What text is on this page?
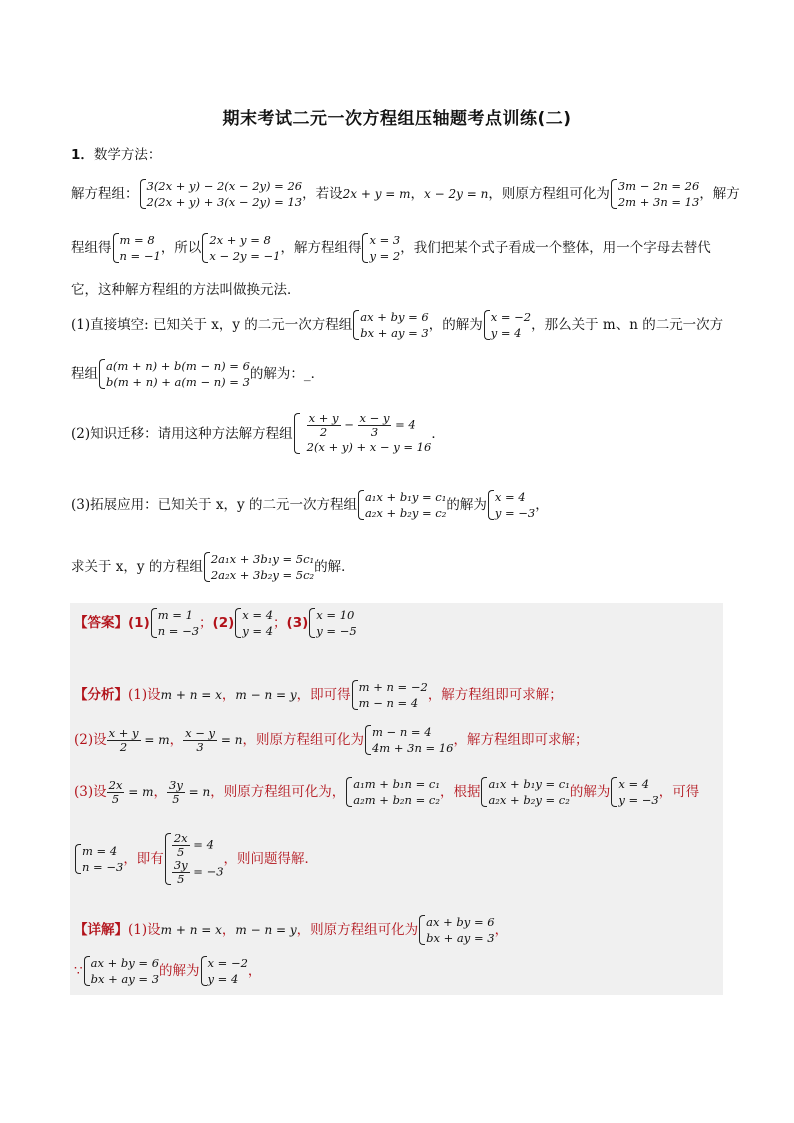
期末考试二元一次方程组压轴题考点训练(二)
1．数学方法：
解方程组： 3(2x + y) − 2(x − 2y) = 26
2(2x + y) + 3(x − 2y) = 13 ，若设 2x + y = m ， x − 2y = n ，则原方程组可化为 3m − 2n = 26
2m + 3n = 13 ，解方
程组得 m = 8
n = −1 ，所以 2x + y = 8
x − 2y = −1 ，解方程组得 x = 3
y = 2 ，我们把某个式子看成一个整体，用一个字母去替代
它，这种解方程组的方法叫做换元法．
(1)直接填空: 已知关于 x，y 的二元一次方程组 ax + by = 6
bx + ay = 3 ，的解为 x = −2
y = 4 ，那么关于 m、n 的二元一次方
程组 a(m + n) + b(m − n) = 6
b(m + n) + a(m − n) = 3 的解为：_．
(2)知识迁移：请用这种方法解方程组 $\frac{x + y}{2} - \frac{x - y}{3} = 4$
2(x + y) + x − y = 16
．
(3)拓展应用：已知关于 x，y 的二元一次方程组 a₁x + b₁y = c₁
a₂x + b₂y = c₂ 的解为 x = 4
y = −3 ，
求关于 x，y 的方程组 2a₁x + 3b₁y = 5c₁
2a₂x + 3b₂y = 5c₂ 的解．
【答案】 (1) m = 1
n = −3 ； (2) x = 4
y = 4 ； (3) x = 10
y = −5
【分析】 (1)设 m + n = x ， m − n = y ，即可得 m + n = −2
m − n = 4 ，解方程组即可求解；
(2)设 $\frac{x + y}{2} = m$ ， $\frac{x - y}{3} = n$ ，则原方程组可化为 m − n = 4
4m + 3n = 16 ，解方程组即可求解；
(3)设 $\frac{2x}{5} = m$ ， $\frac{3y}{5} = n$ ，则原方程组可化为， a₁m + b₁n = c₁
a₂m + b₂n = c₂ ，根据 a₁x + b₁y = c₁
a₂x + b₂y = c₂ 的解为 x = 4
y = −3 ，可得
m = 4
n = −3 ，即有 $\frac{2x}{5} = 4$
$\frac{3y}{5} = -3$
，则问题得解．
【详解】 (1)设 m + n = x ， m − n = y ，则原方程组可化为 ax + by = 6
bx + ay = 3 ，
∵ ax + by = 6
bx + ay = 3 的解为 x = −2
y = 4 ，
